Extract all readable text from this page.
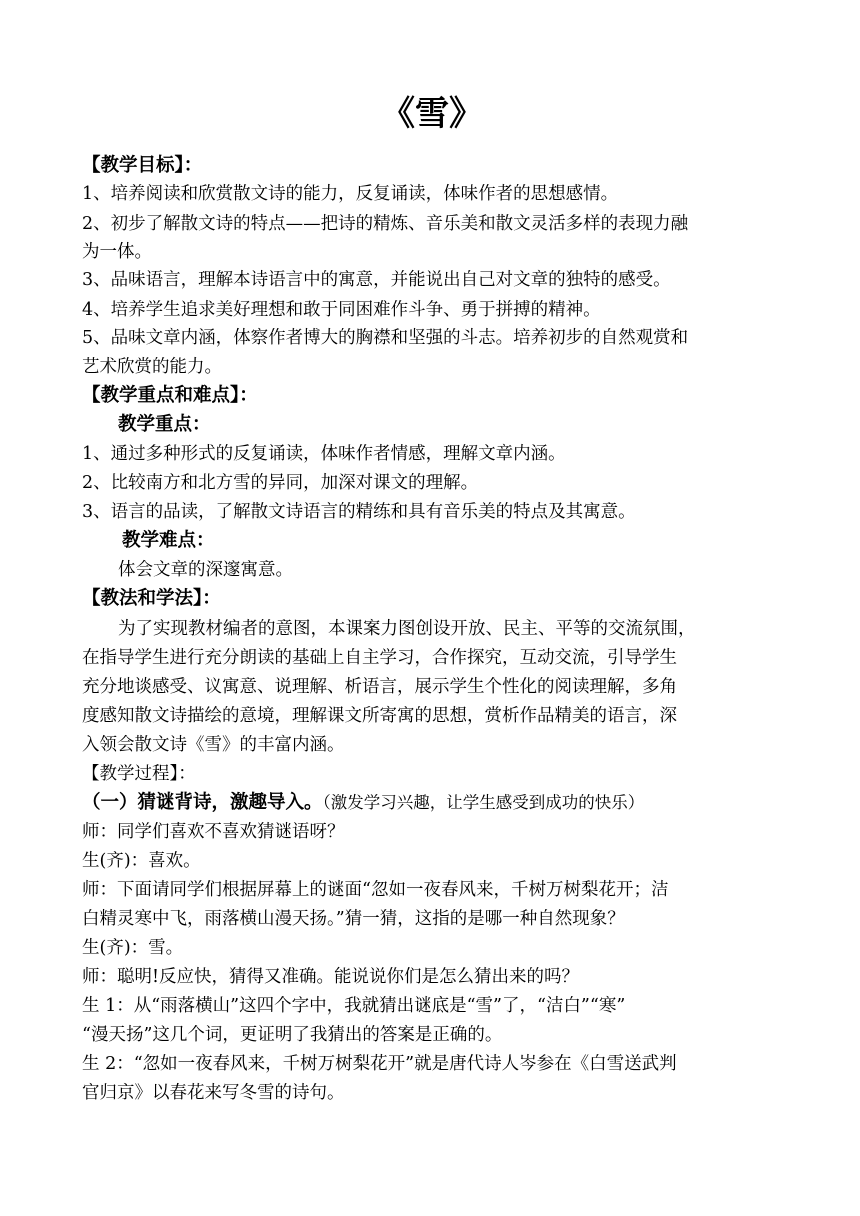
《雪》
【教学目标】：
1、培养阅读和欣赏散文诗的能力，反复诵读，体味作者的思想感情。
2、初步了解散文诗的特点——把诗的精炼、音乐美和散文灵活多样的表现力融
为一体。
3、品味语言，理解本诗语言中的寓意，并能说出自己对文章的独特的感受。
4、培养学生追求美好理想和敢于同困难作斗争、勇于拼搏的精神。
5、品味文章内涵，体察作者博大的胸襟和坚强的斗志。培养初步的自然观赏和
艺术欣赏的能力。
【教学重点和难点】：
教学重点：
1、通过多种形式的反复诵读，体味作者情感，理解文章内涵。
2、比较南方和北方雪的异同，加深对课文的理解。
3、语言的品读，了解散文诗语言的精练和具有音乐美的特点及其寓意。
教学难点：
体会文章的深邃寓意。
【教法和学法】：
为了实现教材编者的意图，本课案力图创设开放、民主、平等的交流氛围，
在指导学生进行充分朗读的基础上自主学习，合作探究，互动交流，引导学生
充分地谈感受、议寓意、说理解、析语言，展示学生个性化的阅读理解，多角
度感知散文诗描绘的意境，理解课文所寄寓的思想，赏析作品精美的语言，深
入领会散文诗《雪》的丰富内涵。
【教学过程】：
（一）猜谜背诗，激趣导入。（激发学习兴趣，让学生感受到成功的快乐）
师：同学们喜欢不喜欢猜谜语呀？
生(齐)：喜欢。
师：下面请同学们根据屏幕上的谜面“忽如一夜春风来，千树万树梨花开；洁
白精灵寒中飞，雨落横山漫天扬。”猜一猜，这指的是哪一种自然现象？
生(齐)：雪。
师：聪明!反应快，猜得又准确。能说说你们是怎么猜出来的吗？
生 1：从“雨落横山”这四个字中，我就猜出谜底是“雪”了，“洁白”“寒”
“漫天扬”这几个词，更证明了我猜出的答案是正确的。
生 2：“忽如一夜春风来，千树万树梨花开”就是唐代诗人岑参在《白雪送武判
官归京》以春花来写冬雪的诗句。
